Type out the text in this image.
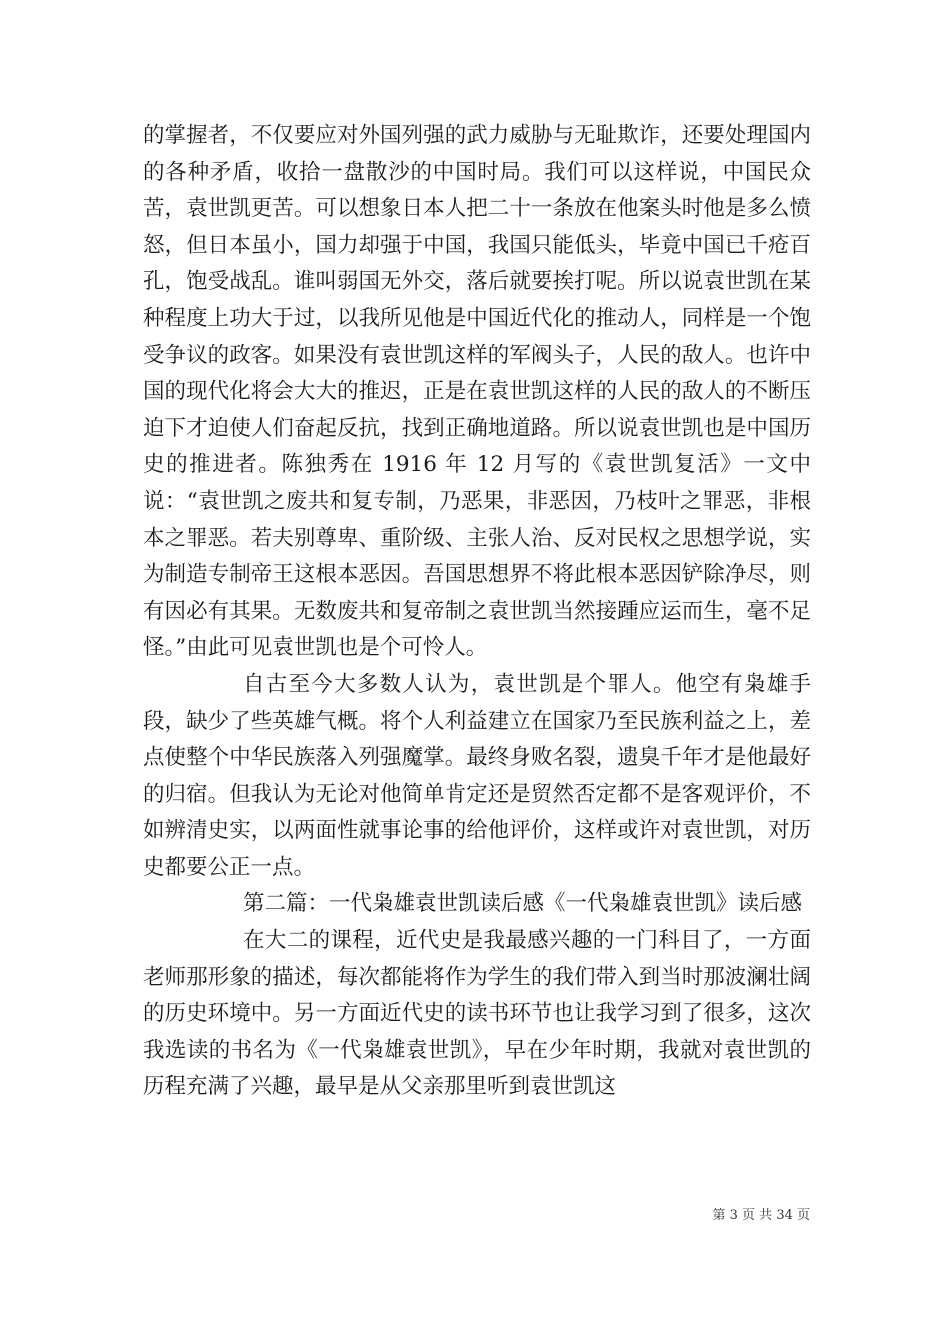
的掌握者，不仅要应对外国列强的武力威胁与无耻欺诈，还要处理国内的各种矛盾，收拾一盘散沙的中国时局。我们可以这样说，中国民众苦，袁世凯更苦。可以想象日本人把二十一条放在他案头时他是多么愤怒，但日本虽小，国力却强于中国，我国只能低头，毕竟中国已千疮百孔，饱受战乱。谁叫弱国无外交，落后就要挨打呢。所以说袁世凯在某种程度上功大于过，以我所见他是中国近代化的推动人，同样是一个饱受争议的政客。如果没有袁世凯这样的军阀头子，人民的敌人。也许中国的现代化将会大大的推迟，正是在袁世凯这样的人民的敌人的不断压迫下才迫使人们奋起反抗，找到正确地道路。所以说袁世凯也是中国历史的推进者。陈独秀在 1916 年 12 月写的《袁世凯复活》一文中说：“袁世凯之废共和复专制，乃恶果，非恶因，乃枝叶之罪恶，非根本之罪恶。若夫别尊卑、重阶级、主张人治、反对民权之思想学说，实为制造专制帝王这根本恶因。吾国思想界不将此根本恶因铲除净尽，则有因必有其果。无数废共和复帝制之袁世凯当然接踵应运而生，毫不足怪。”由此可见袁世凯也是个可怜人。

自古至今大多数人认为，袁世凯是个罪人。他空有枭雄手段，缺少了些英雄气概。将个人利益建立在国家乃至民族利益之上，差点使整个中华民族落入列强魔掌。最终身败名裂，遗臭千年才是他最好的归宿。但我认为无论对他简单肯定还是贸然否定都不是客观评价，不如辨清史实，以两面性就事论事的给他评价，这样或许对袁世凯，对历史都要公正一点。

第二篇：一代枭雄袁世凯读后感《一代枭雄袁世凯》读后感

在大二的课程，近代史是我最感兴趣的一门科目了，一方面老师那形象的描述，每次都能将作为学生的我们带入到当时那波澜壮阔的历史环境中。另一方面近代史的读书环节也让我学习到了很多，这次我选读的书名为《一代枭雄袁世凯》，早在少年时期，我就对袁世凯的历程充满了兴趣，最早是从父亲那里听到袁世凯这

第 3 页 共 34 页
